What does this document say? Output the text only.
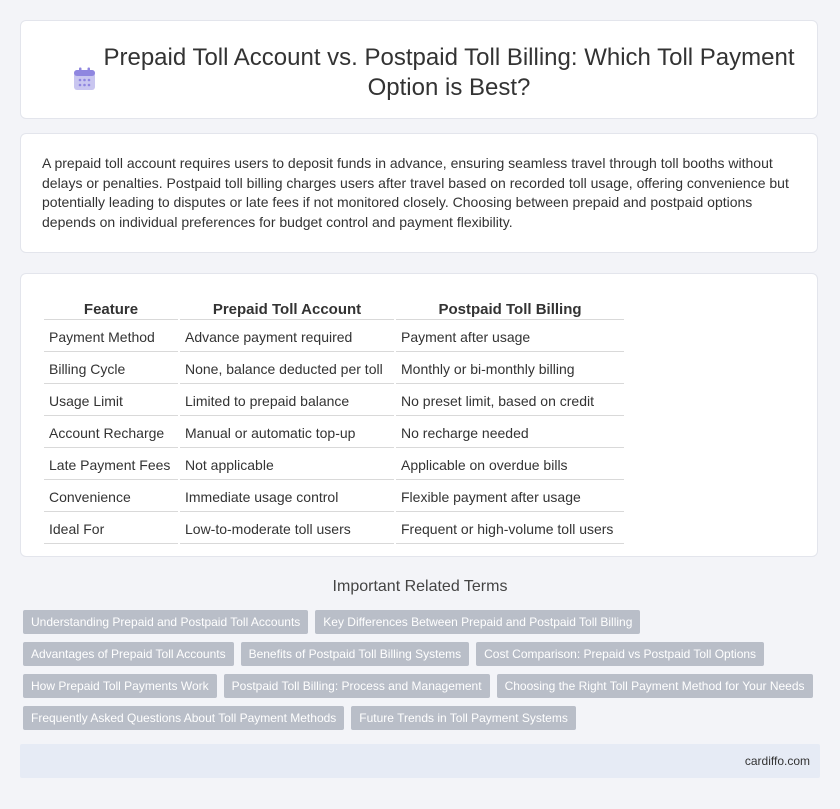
Prepaid Toll Account vs. Postpaid Toll Billing: Which Toll Payment Option is Best?
A prepaid toll account requires users to deposit funds in advance, ensuring seamless travel through toll booths without delays or penalties. Postpaid toll billing charges users after travel based on recorded toll usage, offering convenience but potentially leading to disputes or late fees if not monitored closely. Choosing between prepaid and postpaid options depends on individual preferences for budget control and payment flexibility.
Feature	Prepaid Toll Account	Postpaid Toll Billing
Payment Method	Advance payment required	Payment after usage
Billing Cycle	None, balance deducted per toll	Monthly or bi-monthly billing
Usage Limit	Limited to prepaid balance	No preset limit, based on credit
Account Recharge	Manual or automatic top-up	No recharge needed
Late Payment Fees	Not applicable	Applicable on overdue bills
Convenience	Immediate usage control	Flexible payment after usage
Ideal For	Low-to-moderate toll users	Frequent or high-volume toll users
Important Related Terms
Understanding Prepaid and Postpaid Toll Accounts	Key Differences Between Prepaid and Postpaid Toll Billing
Advantages of Prepaid Toll Accounts	Benefits of Postpaid Toll Billing Systems	Cost Comparison: Prepaid vs Postpaid Toll Options
How Prepaid Toll Payments Work	Postpaid Toll Billing: Process and Management	Choosing the Right Toll Payment Method for Your Needs
Frequently Asked Questions About Toll Payment Methods	Future Trends in Toll Payment Systems
cardiffo.com
